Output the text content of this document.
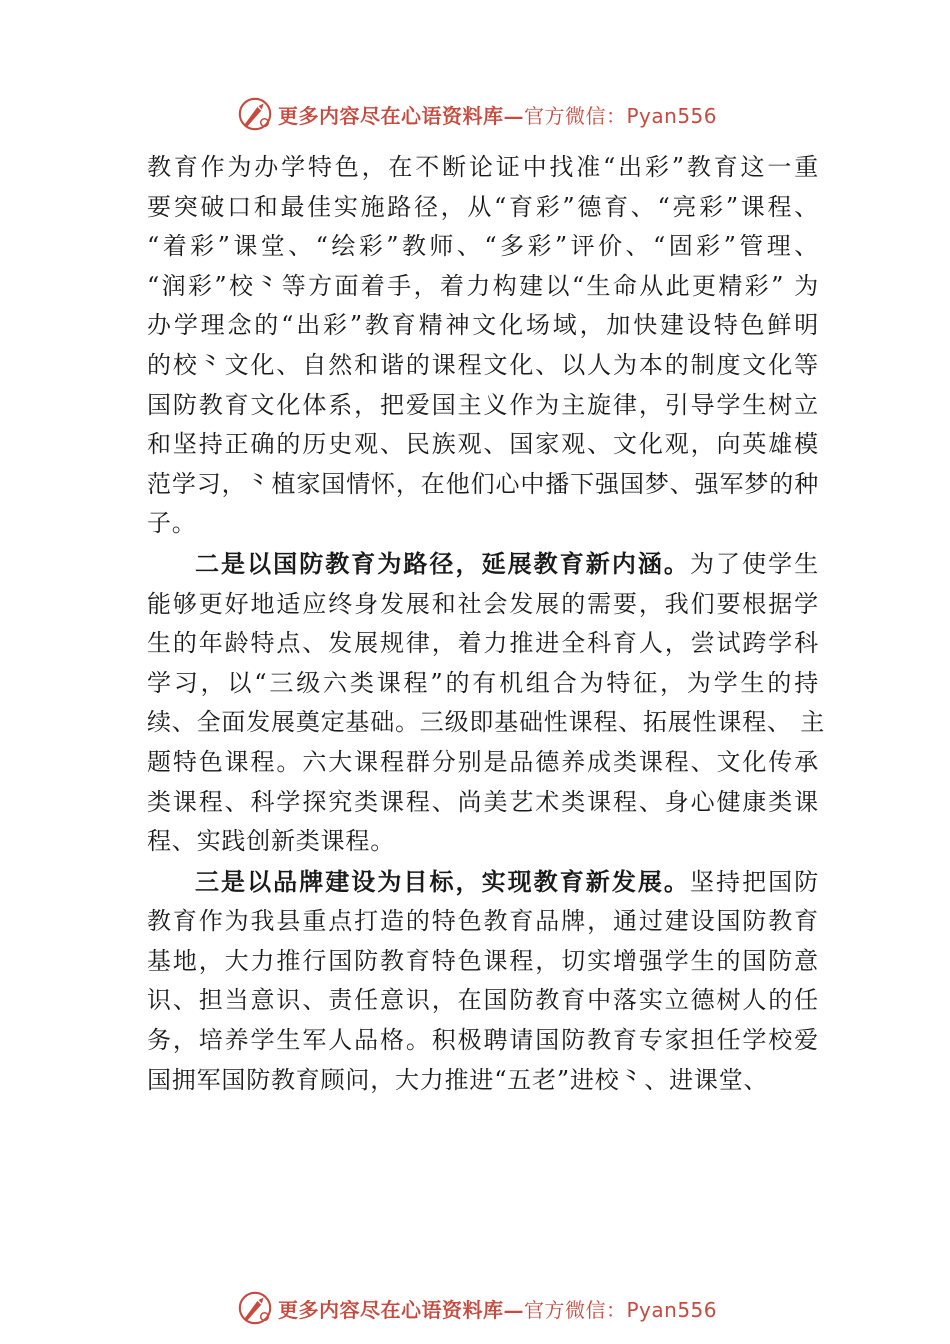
更多内容尽在心语资料库—官方微信：Pyan556

教育作为办学特色，在不断论证中找准“出彩”教育这一重
要突破口和最佳实施路径，从“育彩”德育、“亮彩”课程、
“着彩”课堂、“绘彩”教师、“多彩”评价、“固彩”管理、
“润彩”校⺀等方面着手，着力构建以“生命从此更精彩” 为
办学理念的“出彩”教育精神文化场域，加快建设特色鲜明
的校⺀文化、自然和谐的课程文化、以人为本的制度文化等
国防教育文化体系，把爱国主义作为主旋律，引导学生树立
和坚持正确的历史观、民族观、国家观、文化观，向英雄模
范学习，⺀植家国情怀，在他们心中播下强国梦、强军梦的种
子。

二是以国防教育为路径，延展教育新内涵。为了使学生
能够更好地适应终身发展和社会发展的需要，我们要根据学
生的年龄特点、发展规律，着力推进全科育人，尝试跨学科
学习，以“三级六类课程”的有机组合为特征，为学生的持
续、全面发展奠定基础。三级即基础性课程、拓展性课程、 主
题特色课程。六大课程群分别是品德养成类课程、文化传承
类课程、科学探究类课程、尚美艺术类课程、身心健康类课
程、实践创新类课程。

三是以品牌建设为目标，实现教育新发展。坚持把国防
教育作为我县重点打造的特色教育品牌，通过建设国防教育
基地，大力推行国防教育特色课程，切实增强学生的国防意
识、担当意识、责任意识，在国防教育中落实立德树人的任
务，培养学生军人品格。积极聘请国防教育专家担任学校爱
国拥军国防教育顾问，大力推进“五老”进校⺀、进课堂、

更多内容尽在心语资料库—官方微信：Pyan556
